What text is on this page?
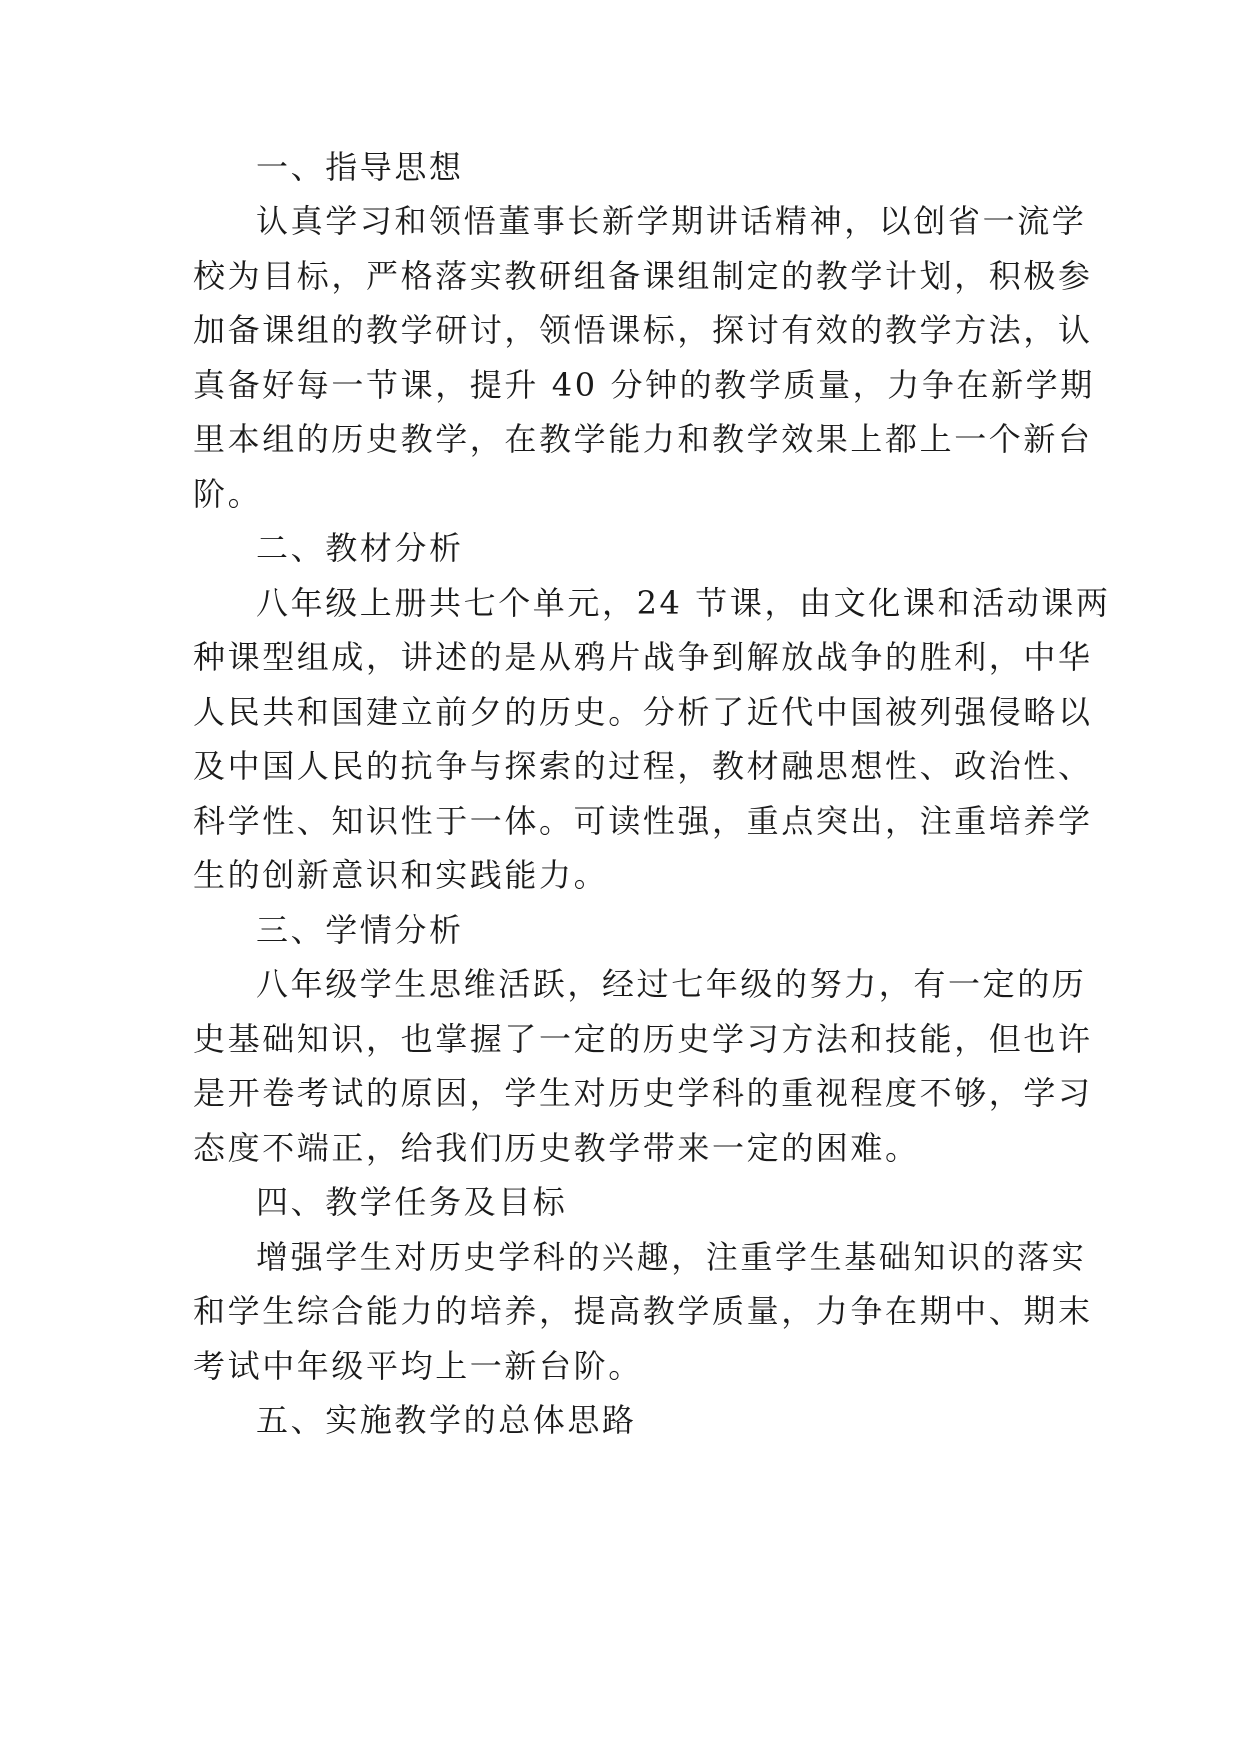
一、指导思想
认真学习和领悟董事长新学期讲话精神，以创省一流学
校为目标，严格落实教研组备课组制定的教学计划，积极参
加备课组的教学研讨，领悟课标，探讨有效的教学方法，认
真备好每一节课，提升 40 分钟的教学质量，力争在新学期
里本组的历史教学，在教学能力和教学效果上都上一个新台
阶。
二、教材分析
八年级上册共七个单元，24 节课，由文化课和活动课两
种课型组成，讲述的是从鸦片战争到解放战争的胜利，中华
人民共和国建立前夕的历史。分析了近代中国被列强侵略以
及中国人民的抗争与探索的过程，教材融思想性、政治性、
科学性、知识性于一体。可读性强，重点突出，注重培养学
生的创新意识和实践能力。
三、学情分析
八年级学生思维活跃，经过七年级的努力，有一定的历
史基础知识，也掌握了一定的历史学习方法和技能，但也许
是开卷考试的原因，学生对历史学科的重视程度不够，学习
态度不端正，给我们历史教学带来一定的困难。
四、教学任务及目标
增强学生对历史学科的兴趣，注重学生基础知识的落实
和学生综合能力的培养，提高教学质量，力争在期中、期末
考试中年级平均上一新台阶。
五、实施教学的总体思路
